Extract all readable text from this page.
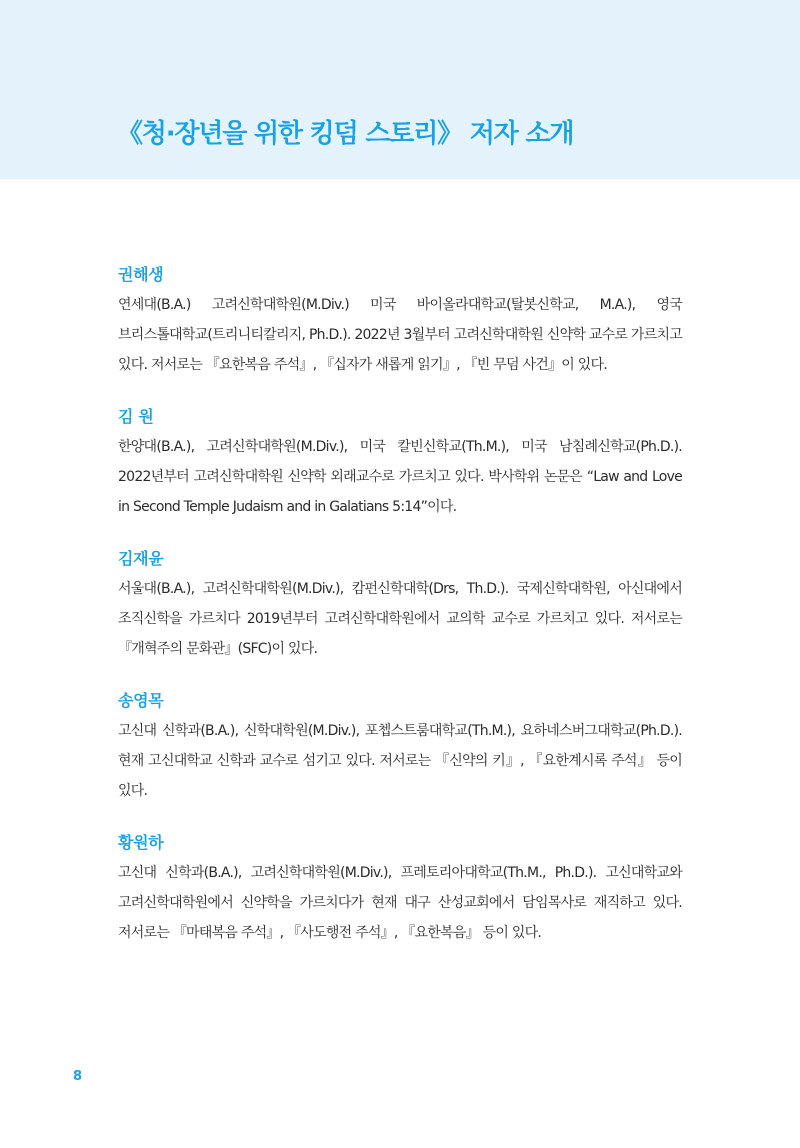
《청·장년을 위한 킹덤 스토리》 저자 소개

권해생

연세대(B.A.) 고려신학대학원(M.Div.) 미국 바이올라대학교(탈봇신학교, M.A.), 영국 브리스톨대학교(트리니티칼리지, Ph.D.). 2022년 3월부터 고려신학대학원 신약학 교수로 가르치고 있다. 저서로는 『요한복음 주석』, 『십자가 새롭게 읽기』, 『빈 무덤 사건』이 있다.

김 원

한양대(B.A.), 고려신학대학원(M.Div.), 미국 칼빈신학교(Th.M.), 미국 남침례신학교(Ph.D.). 2022년부터 고려신학대학원 신약학 외래교수로 가르치고 있다. 박사학위 논문은 “Law and Love in Second Temple Judaism and in Galatians 5:14”이다.

김재윤

서울대(B.A.), 고려신학대학원(M.Div.), 캄펀신학대학(Drs, Th.D.). 국제신학대학원, 아신대에서 조직신학을 가르치다 2019년부터 고려신학대학원에서 교의학 교수로 가르치고 있다. 저서로는 『개혁주의 문화관』(SFC)이 있다.

송영목

고신대 신학과(B.A.), 신학대학원(M.Div.), 포쳅스트룸대학교(Th.M.), 요하네스버그대학교(Ph.D.). 현재 고신대학교 신학과 교수로 섬기고 있다. 저서로는 『신약의 키』, 『요한계시록 주석』 등이 있다.

황원하

고신대 신학과(B.A.), 고려신학대학원(M.Div.), 프레토리아대학교(Th.M., Ph.D.). 고신대학교와 고려신학대학원에서 신약학을 가르치다가 현재 대구 산성교회에서 담임목사로 재직하고 있다. 저서로는 『마태복음 주석』, 『사도행전 주석』, 『요한복음』 등이 있다.

8
